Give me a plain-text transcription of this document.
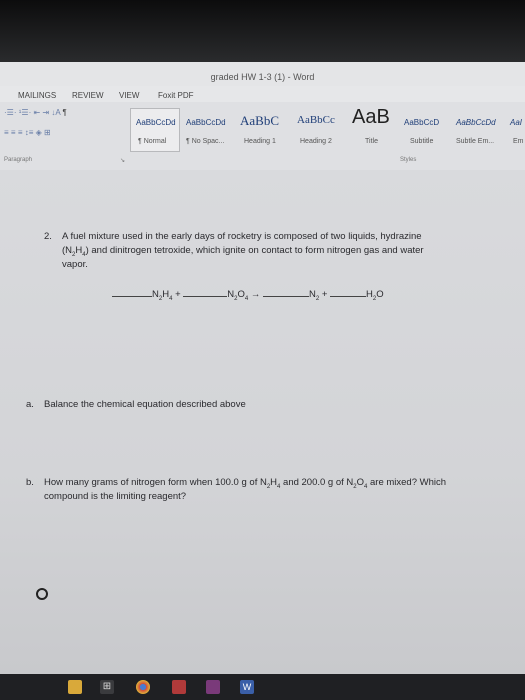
graded HW 1-3 (1) - Word
MAILINGS REVIEW VIEW Foxit PDF
·☰· ¹☰· ⇤ ⇥ ↓A ¶
≡ ≡ ≡ ↕≡ ◈ ⊞
Paragraph	↘
AaBbCcDd
¶ Normal
AaBbCcDd
¶ No Spac...
AaBbC
Heading 1
AaBbCc
Heading 2
AaB
Title
AaBbCcD
Subtitle
AaBbCcDd
Subtle Em...
AaI
Em
Styles
2. A fuel mixture used in the early days of rocketry is composed of two liquids, hydrazine
$(N_2H_4)$ and dinitrogen tetroxide, which ignite on contact to form nitrogen gas and water
vapor.
$N_2H_4$ +	$N_2O_4$ →	$N_2$ +	$H_2O$
a. Balance the chemical equation described above
b. How many grams of nitrogen form when 100.0 g of $N_2H_4$ and 200.0 g of $N_2O_4$ are mixed? Which
compound is the limiting reagent?
⊞	W
